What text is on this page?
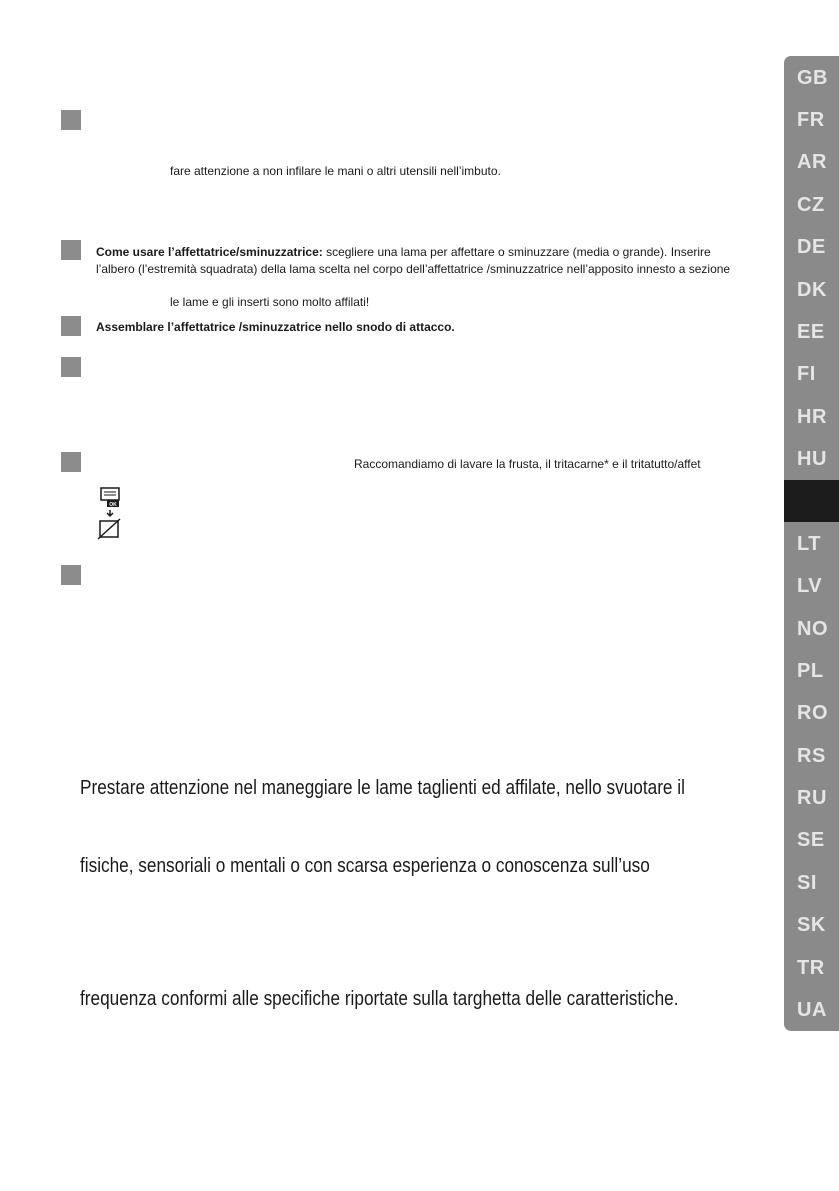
fare attenzione a non infilare le mani o altri utensili nell’imbuto.
Come usare l’affettatrice/sminuzzatrice: scegliere una lama per affettare o sminuzzare (media o grande). Inserire
l’albero (l’estremità squadrata) della lama scelta nel corpo dell’affettatrice /sminuzzatrice nell’apposito innesto a sezione
le lame e gli inserti sono molto affilati!
Assemblare l’affettatrice /sminuzzatrice nello snodo di attacco.
Raccomandiamo di lavare la frusta, il tritacarne* e il tritatutto/affet
OK
Prestare attenzione nel maneggiare le lame taglienti ed affilate, nello svuotare il
fisiche, sensoriali o mentali o con scarsa esperienza o conoscenza sull’uso
frequenza conformi alle specifiche riportate sulla targhetta delle caratteristiche.
GB
FR
AR
CZ
DE
DK
EE
FI
HR
HU
IT
LT
LV
NO
PL
RO
RS
RU
SE
SI
SK
TR
UA
